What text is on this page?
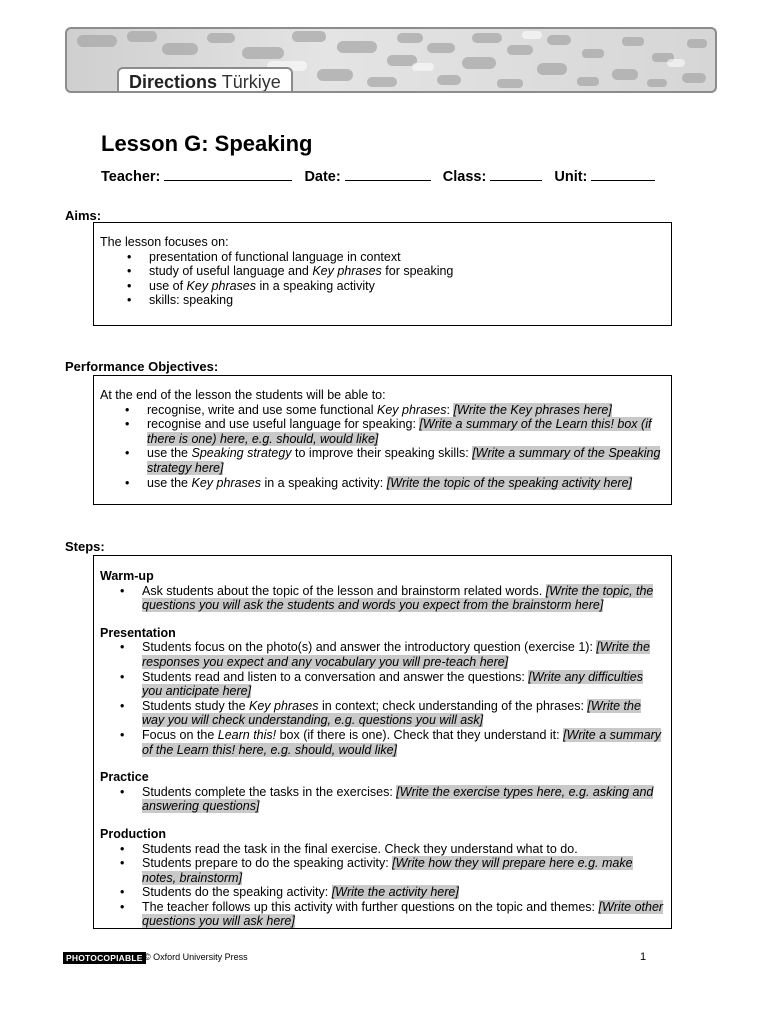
Directions Türkiye
Lesson G: Speaking
Teacher:	Date:	Class:	Unit:
Aims:

The lesson focuses on:

• presentation of functional language in context
• study of useful language and Key phrases for speaking
• use of Key phrases in a speaking activity
• skills: speaking
Performance Objectives:

At the end of the lesson the students will be able to:

• recognise, write and use some functional Key phrases: [Write the Key phrases here]
• recognise and use useful language for speaking: [Write a summary of the Learn this! box (if there is one) here, e.g. should, would like]
• use the Speaking strategy to improve their speaking skills: [Write a summary of the Speaking strategy here]
• use the Key phrases in a speaking activity: [Write the topic of the speaking activity here]
Steps:

Warm-up

• Ask students about the topic of the lesson and brainstorm related words. [Write the topic, the questions you will ask the students and words you expect from the brainstorm here]

Presentation

• Students focus on the photo(s) and answer the introductory question (exercise 1): [Write the responses you expect and any vocabulary you will pre-teach here]
• Students read and listen to a conversation and answer the questions: [Write any difficulties you anticipate here]
• Students study the Key phrases in context; check understanding of the phrases: [Write the way you will check understanding, e.g. questions you will ask]
• Focus on the Learn this! box (if there is one). Check that they understand it: [Write a summary of the Learn this! here, e.g. should, would like]

Practice

• Students complete the tasks in the exercises: [Write the exercise types here, e.g. asking and answering questions]

Production

• Students read the task in the final exercise. Check they understand what to do.
• Students prepare to do the speaking activity: [Write how they will prepare here e.g. make notes, brainstorm]
• Students do the speaking activity: [Write the activity here]
• The teacher follows up this activity with further questions on the topic and themes: [Write other questions you will ask here]
PHOTOCOPIABLE © Oxford University Press	1
